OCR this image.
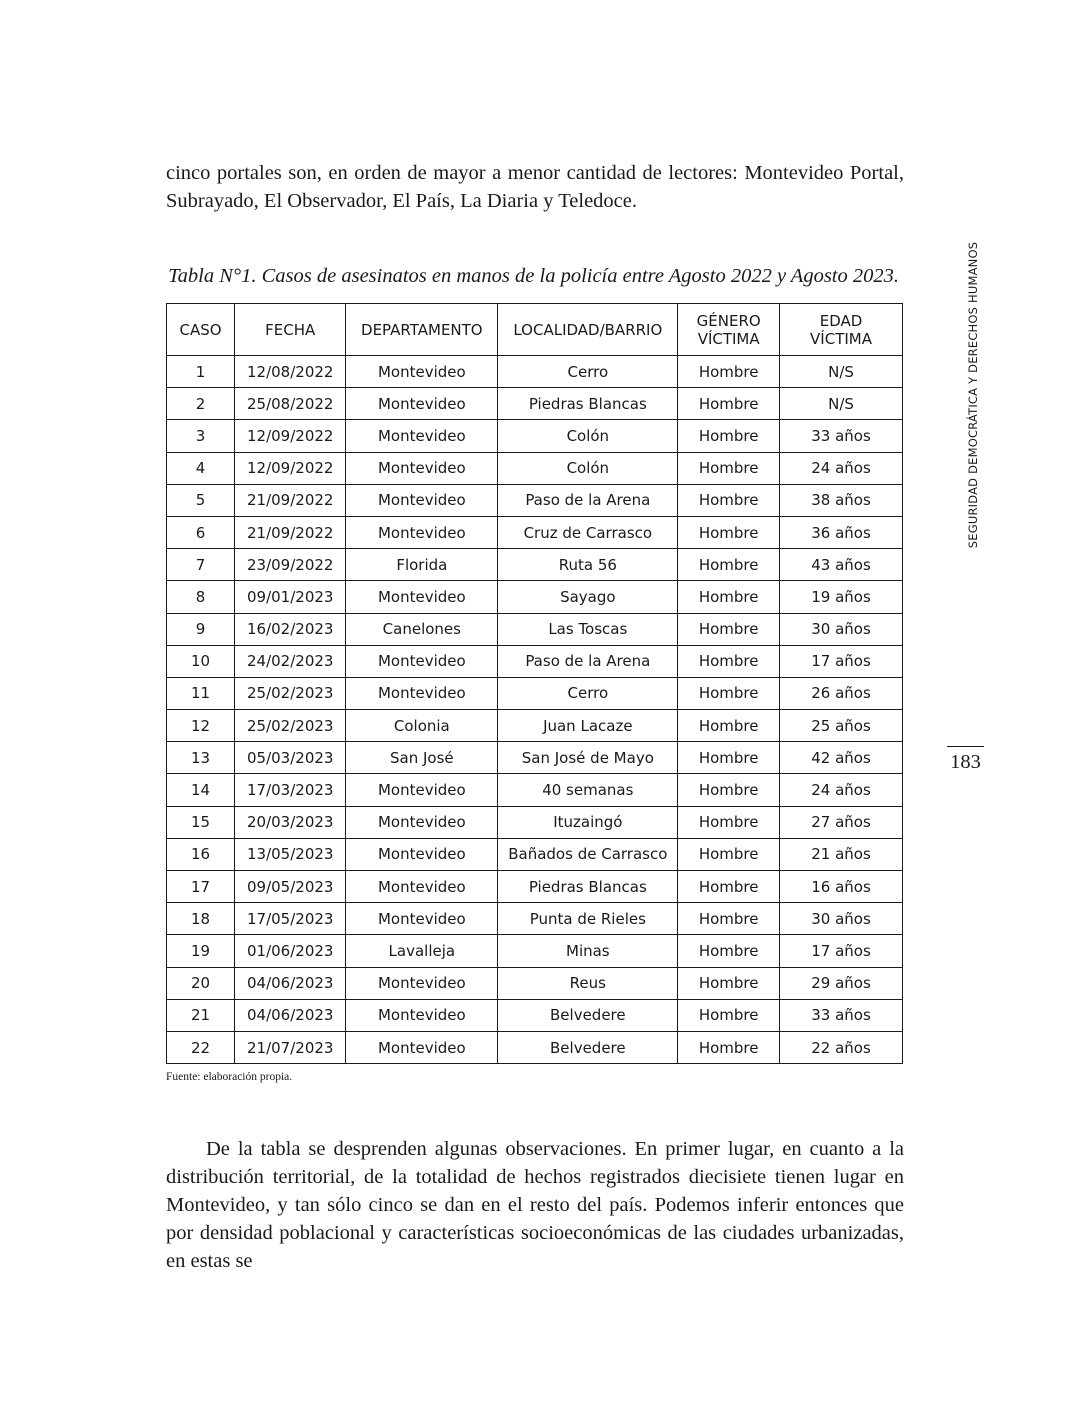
cinco portales son, en orden de mayor a menor cantidad de lectores: Montevideo Portal, Subrayado, El Observador, El País, La Diaria y Teledoce.

Tabla N°1. Casos de asesinatos en manos de la policía entre Agosto 2022 y Agosto 2023.

CASO	FECHA	DEPARTAMENTO	LOCALIDAD/BARRIO	GÉNERO VÍCTIMA	EDAD VÍCTIMA
1	12/08/2022	Montevideo	Cerro	Hombre	N/S
2	25/08/2022	Montevideo	Piedras Blancas	Hombre	N/S
3	12/09/2022	Montevideo	Colón	Hombre	33 años
4	12/09/2022	Montevideo	Colón	Hombre	24 años
5	21/09/2022	Montevideo	Paso de la Arena	Hombre	38 años
6	21/09/2022	Montevideo	Cruz de Carrasco	Hombre	36 años
7	23/09/2022	Florida	Ruta 56	Hombre	43 años
8	09/01/2023	Montevideo	Sayago	Hombre	19 años
9	16/02/2023	Canelones	Las Toscas	Hombre	30 años
10	24/02/2023	Montevideo	Paso de la Arena	Hombre	17 años
11	25/02/2023	Montevideo	Cerro	Hombre	26 años
12	25/02/2023	Colonia	Juan Lacaze	Hombre	25 años
13	05/03/2023	San José	San José de Mayo	Hombre	42 años
14	17/03/2023	Montevideo	40 semanas	Hombre	24 años
15	20/03/2023	Montevideo	Ituzaingó	Hombre	27 años
16	13/05/2023	Montevideo	Bañados de Carrasco	Hombre	21 años
17	09/05/2023	Montevideo	Piedras Blancas	Hombre	16 años
18	17/05/2023	Montevideo	Punta de Rieles	Hombre	30 años
19	01/06/2023	Lavalleja	Minas	Hombre	17 años
20	04/06/2023	Montevideo	Reus	Hombre	29 años
21	04/06/2023	Montevideo	Belvedere	Hombre	33 años
22	21/07/2023	Montevideo	Belvedere	Hombre	22 años

Fuente: elaboración propia.

De la tabla se desprenden algunas observaciones. En primer lugar, en cuanto a la distribución territorial, de la totalidad de hechos registrados diecisiete tienen lugar en Montevideo, y tan sólo cinco se dan en el resto del país. Podemos inferir entonces que por densidad poblacional y características socioeconómicas de las ciudades urbanizadas, en estas se

SEGURIDAD DEMOCRÁTICA Y DERECHOS HUMANOS
183
